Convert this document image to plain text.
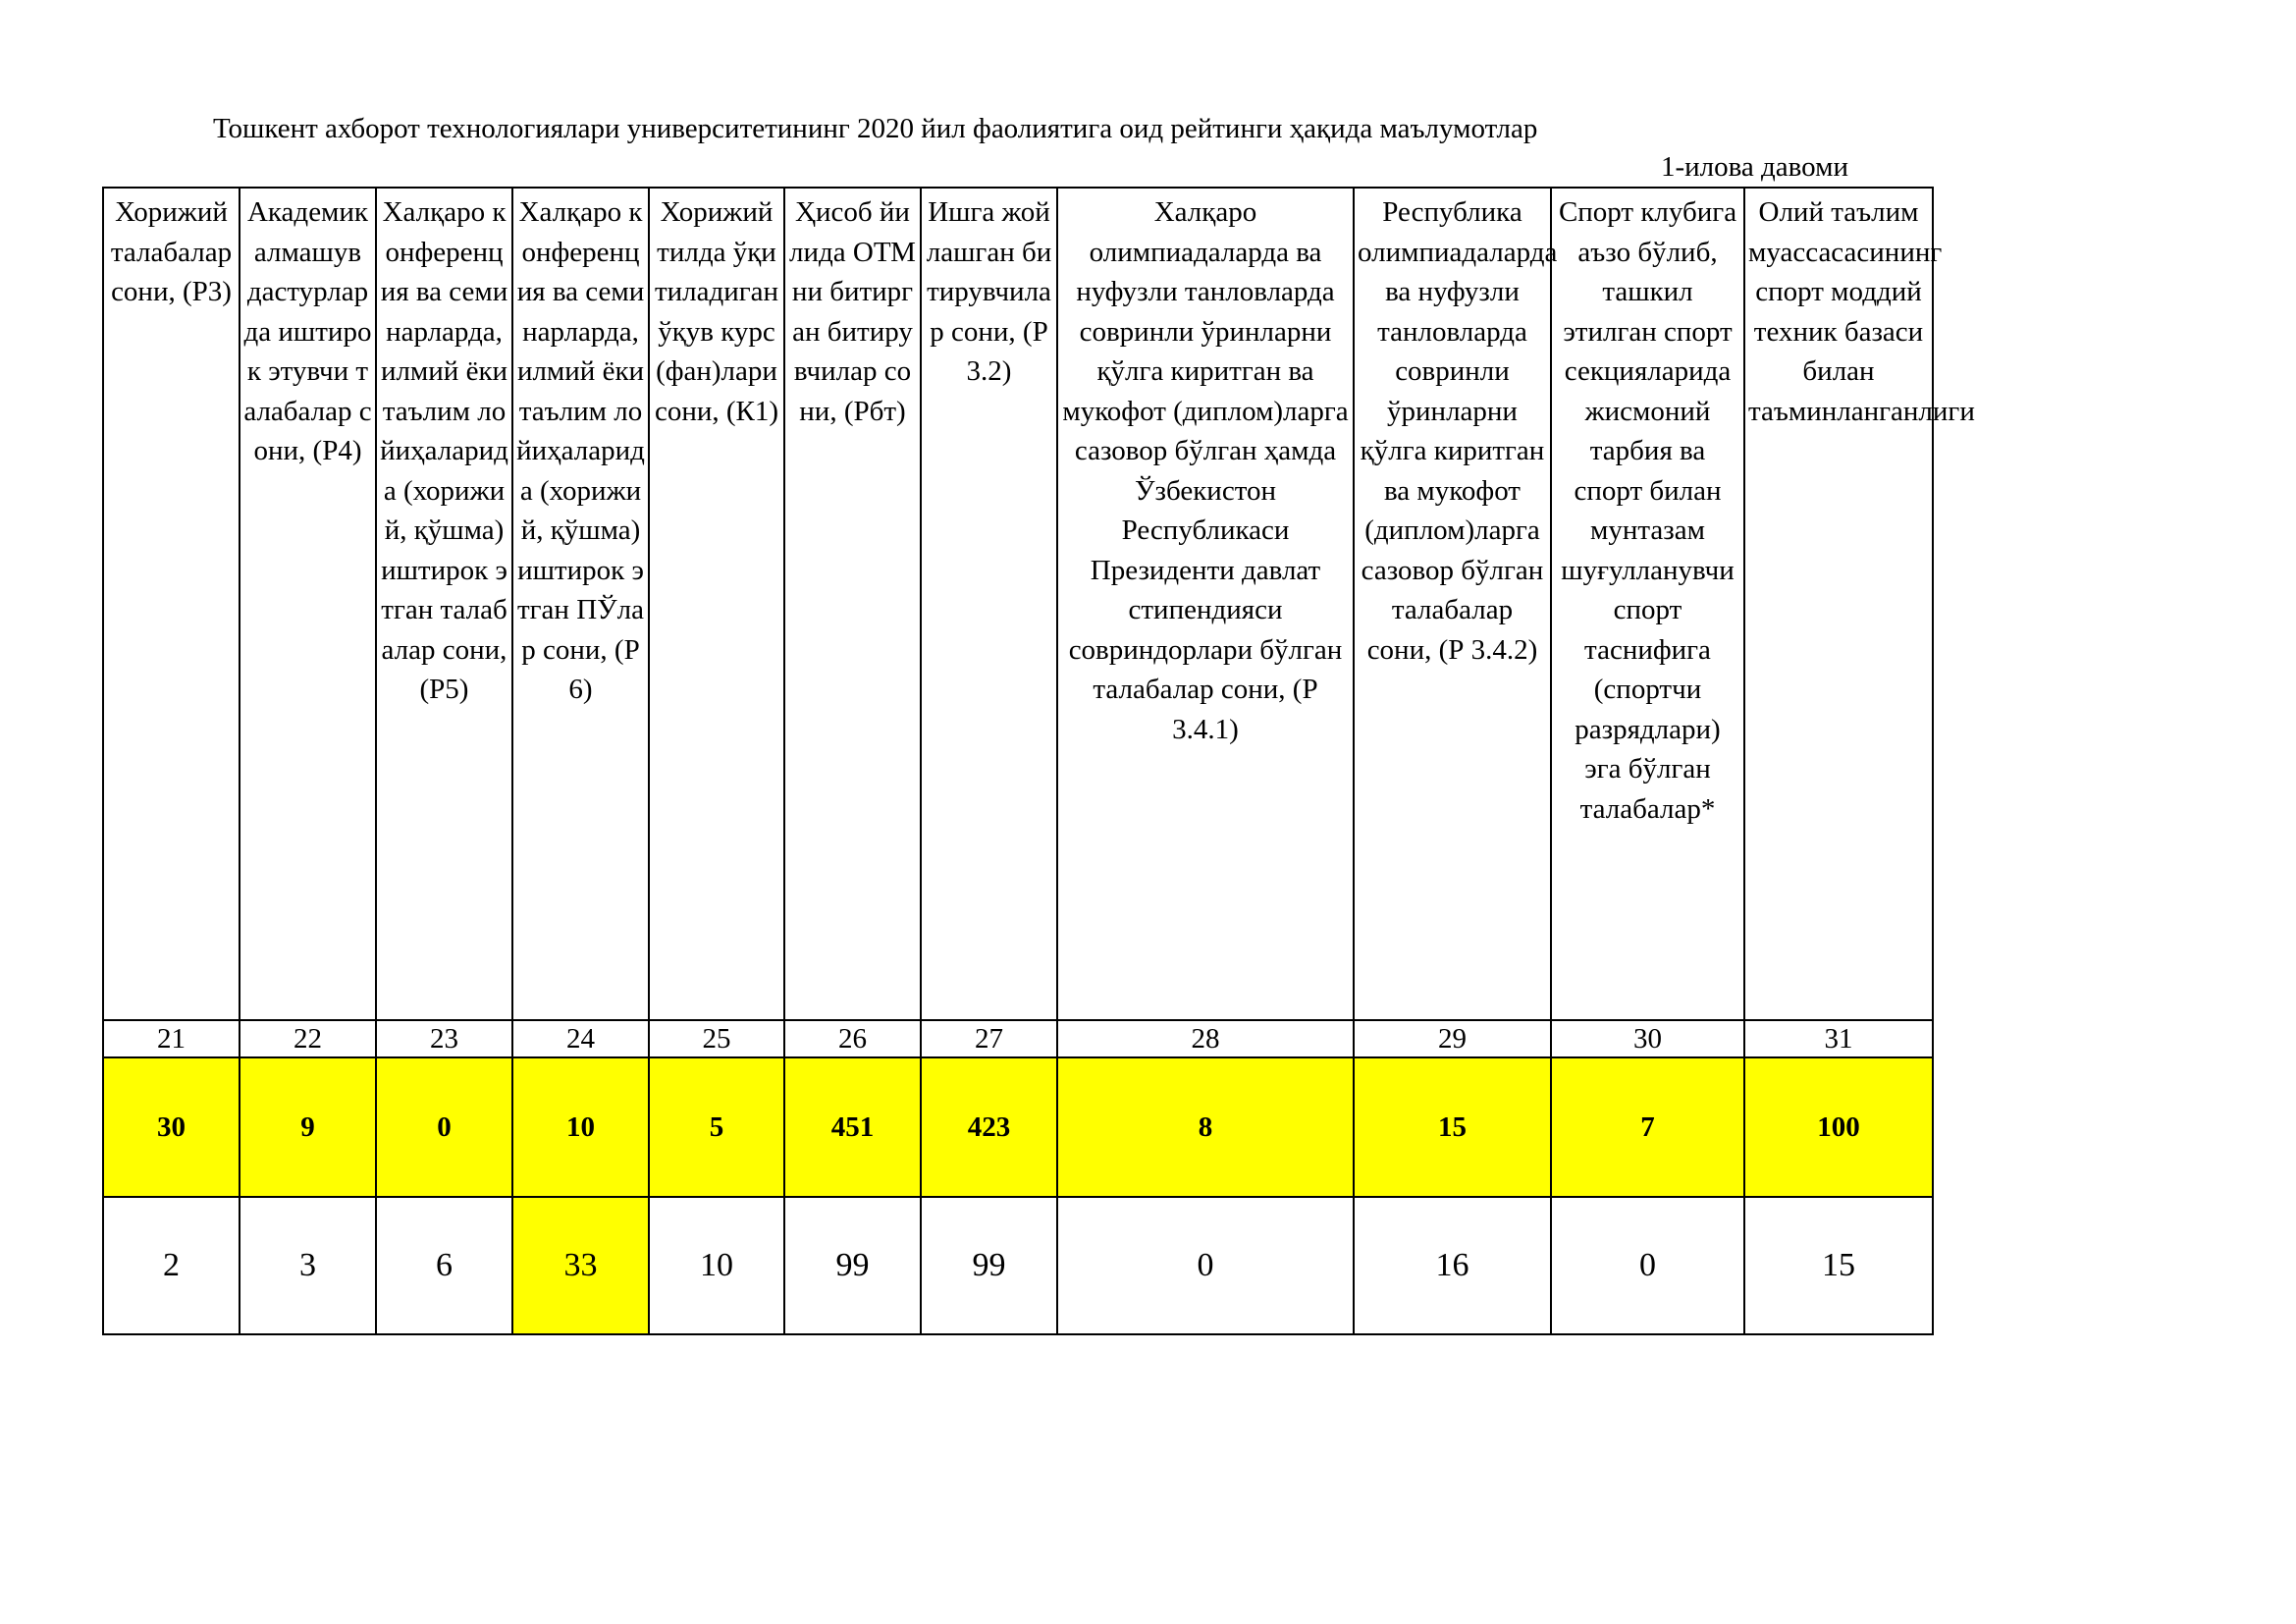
Тошкент ахборот технологиялари университетининг 2020 йил фаолиятига оид рейтинги ҳақида маълумотлар
1-илова давоми
Хорижий талабалар сони, (Р3)	Академик алмашув дастурларда иштирок этувчи талабалар сони, (Р4)	Халқаро конференция ва семинарларда, илмий ёки таълим лойиҳаларида (хорижий, қўшма) иштирок этган талабалар сони, (Р5)	Халқаро конференция ва семинарларда, илмий ёки таълим лойиҳаларида (хорижий, қўшма) иштирок этган ПЎлар сони, (Р6)	Хорижий тилда ўқитиладиган ўқув курс(фан)лари сони, (К1)	Ҳисоб йилида ОТМни битирган битирувчилар сони, (Рбт)	Ишга жойлашган битирувчилар сони, (Р3.2)	Халқаро олимпиадаларда ва нуфузли танловларда совринли ўринларни қўлга киритган ва мукофот (диплом)ларга сазовор бўлган ҳамда Ўзбекистон Республикаси Президенти давлат стипендияси совриндорлари бўлган талабалар сони, (Р 3.4.1)	Республика олимпиадаларда ва нуфузли танловларда совринли ўринларни қўлга киритган ва мукофот (диплом)ларга сазовор бўлган талабалар сони, (Р 3.4.2)	Спорт клубига аъзо бўлиб, ташкил этилган спорт секцияларида жисмоний тарбия ва спорт билан мунтазам шуғулланувчи спорт таснифига (спортчи разрядлари) эга бўлган талабалар*	Олий таълим муассасасининг спорт моддий техник базаси билан таъминланганлиги

21	22	23	24	25	26	27	28	29	30	31
30	9	0	10	5	451	423	8	15	7	100
2	3	6	33	10	99	99	0	16	0	15
